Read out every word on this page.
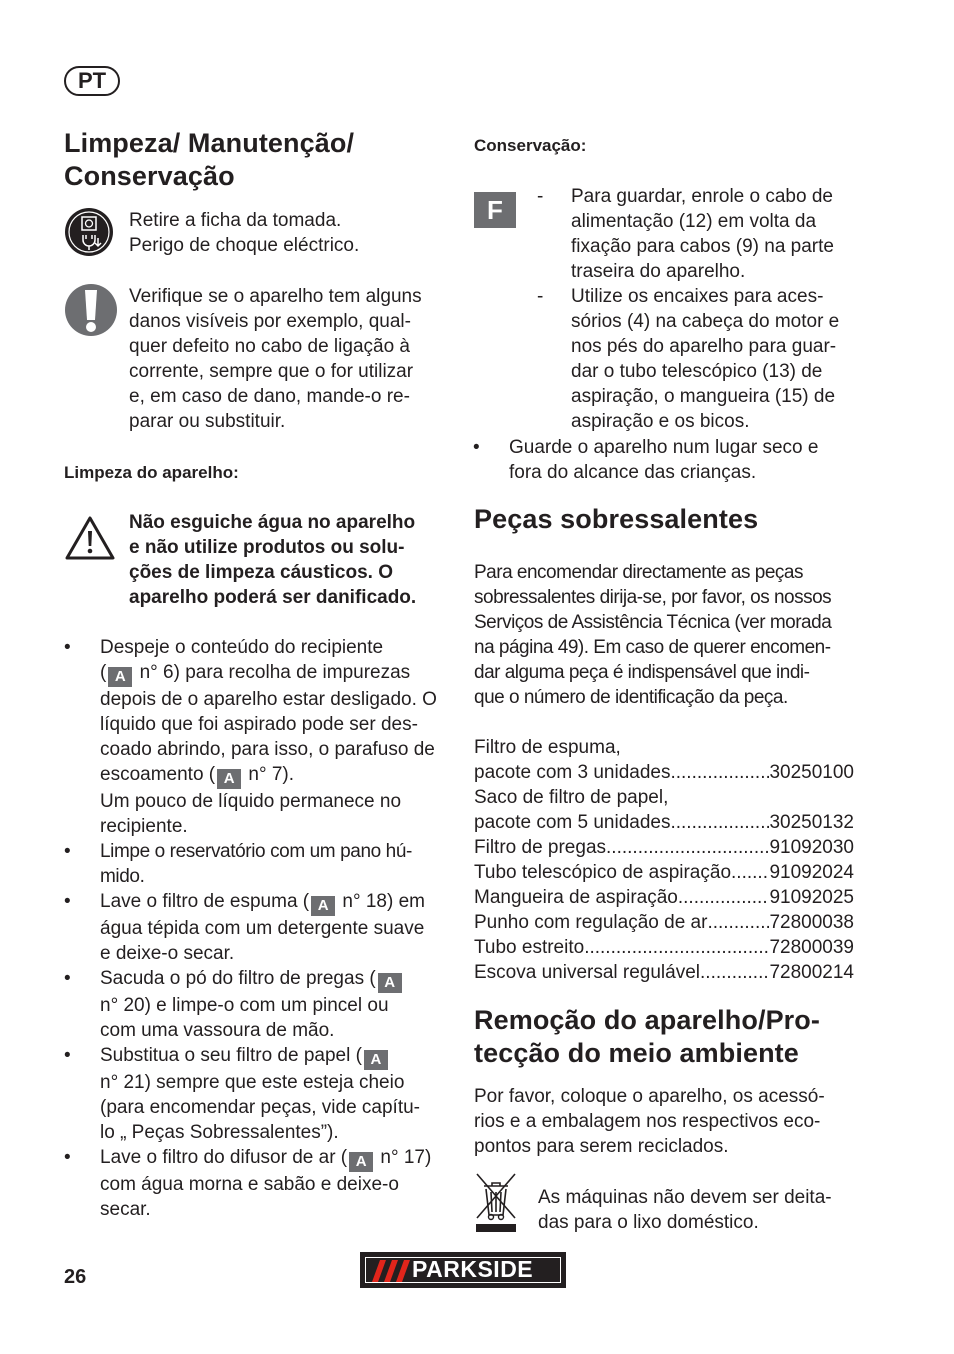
PT
Limpeza/ Manutenção/
Conservação
Retire a ficha da tomada.
Perigo de choque eléctrico.
Verifique se o aparelho tem alguns
danos visíveis por exemplo, qual-
quer defeito no cabo de ligação à
corrente, sempre que o for utilizar
e, em caso de dano, mande-o re-
parar ou substituir.
Limpeza do aparelho:
Não esguiche água no aparelho
e não utilize produtos ou solu-
ções de limpeza cáusticos. O
aparelho poderá ser danificado.
• Despeje o conteúdo do recipiente
( A n° 6) para recolha de impurezas
depois de o aparelho estar desligado. O
líquido que foi aspirado pode ser des-
coado abrindo, para isso, o parafuso de
escoamento ( A n° 7).
Um pouco de líquido permanece no
recipiente.
• Limpe o reservatório com um pano hú-
mido.
• Lave o filtro de espuma ( A n° 18) em
água tépida com um detergente suave
e deixe-o secar.
• Sacuda o pó do filtro de pregas ( A
n° 20) e limpe-o com um pincel ou
com uma vassoura de mão.
• Substitua o seu filtro de papel ( A
n° 21) sempre que este esteja cheio
(para encomendar peças, vide capítu-
lo „ Peças Sobressalentes”).
• Lave o filtro do difusor de ar ( A n° 17)
com água morna e sabão e deixe-o
secar.
Conservação:
F	- Para guardar, enrole o cabo de
alimentação (12) em volta da
fixação para cabos (9) na parte
traseira do aparelho.
- Utilize os encaixes para aces-
sórios (4) na cabeça do motor e
nos pés do aparelho para guar-
dar o tubo telescópico (13) de
aspiração, o mangueira (15) de
aspiração e os bicos.
• Guarde o aparelho num lugar seco e
fora do alcance das crianças.
Peças sobressalentes
Para encomendar directamente as peças
sobressalentes dirija-se, por favor, os nossos
Serviços de Assistência Técnica (ver morada
na página 49). Em caso de querer encomen-
dar alguma peça é indispensável que indi-
que o número de identificação da peça.
Filtro de espuma,
pacote com 3 unidades .....	30250100
Saco de filtro de papel,
pacote com 5 unidades .....	30250132
Filtro de pregas .....	91092030
Tubo telescópico de aspiração ..... 91092024
Mangueira de aspiração .....	91092025
Punho com regulação de ar .....	72800038
Tubo estreito .....	72800039
Escova universal regulável .....	72800214
Remoção do aparelho/Pro-
tecção do meio ambiente
Por favor, coloque o aparelho, os acessó-
rios e a embalagem nos respectivos eco-
pontos para serem reciclados.
As máquinas não devem ser deita-
das para o lixo doméstico.
26	PARKSIDE
